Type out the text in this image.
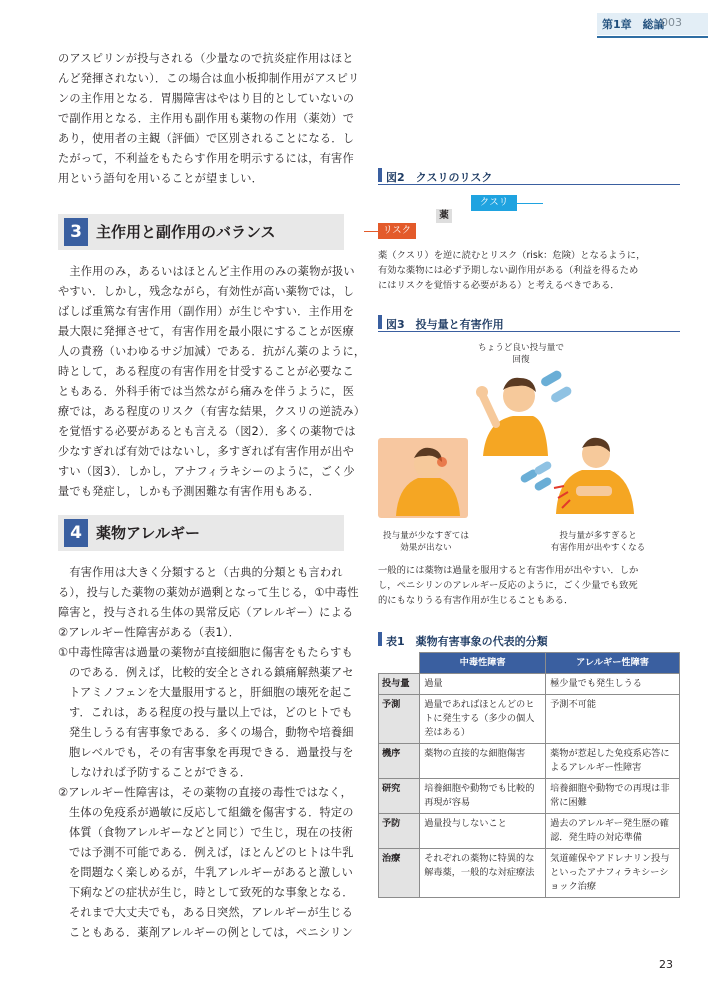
第1章　総論
003
のアスピリンが投与される（少量なので抗炎症作用はほと
んど発揮されない）．この場合は血小板抑制作用がアスピリ
ンの主作用となる．胃腸障害はやはり目的としていないの
で副作用となる．主作用も副作用も薬物の作用（薬効）で
あり，使用者の主観（評価）で区別されることになる．し
たがって，不利益をもたらす作用を明示するには，有害作
用という語句を用いることが望ましい．
3 主作用と副作用のバランス
　主作用のみ，あるいはほとんど主作用のみの薬物が扱い
やすい．しかし，残念ながら，有効性が高い薬物では，し
ばしば重篤な有害作用（副作用）が生じやすい．主作用を
最大限に発揮させて，有害作用を最小限にすることが医療
人の責務（いわゆるサジ加減）である．抗がん薬のように，
時として，ある程度の有害作用を甘受することが必要なこ
ともある．外科手術では当然ながら痛みを伴うように，医
療では，ある程度のリスク（有害な結果，クスリの逆読み）
を覚悟する必要があるとも言える（図2）．多くの薬物では
少なすぎれば有効ではないし，多すぎれば有害作用が出や
すい（図3）．しかし，アナフィラキシーのように，ごく少
量でも発症し，しかも予測困難な有害作用もある．
4 薬物アレルギー
　有害作用は大きく分類すると（古典的分類とも言われ
る），投与した薬物の薬効が過剰となって生じる，①中毒性
障害と，投与される生体の異常反応（アレルギー）による
②アレルギー性障害がある（表1）．
①中毒性障害は過量の薬物が直接細胞に傷害をもたらすも
のである．例えば，比較的安全とされる鎮痛解熱薬アセ
トアミノフェンを大量服用すると，肝細胞の壊死を起こ
す．これは，ある程度の投与量以上では，どのヒトでも
発生しうる有害事象である．多くの場合，動物や培養細
胞レベルでも，その有害事象を再現できる．過量投与を
しなければ予防することができる．
②アレルギー性障害は，その薬物の直接の毒性ではなく，
生体の免疫系が過敏に反応して組織を傷害する．特定の
体質（食物アレルギーなどと同じ）で生じ，現在の技術
では予測不可能である．例えば，ほとんどのヒトは牛乳
を問題なく楽しめるが，牛乳アレルギーがあると激しい
下痢などの症状が生じ，時として致死的な事象となる．
それまで大丈夫でも，ある日突然，アレルギーが生じる
こともある．薬剤アレルギーの例としては，ペニシリン
図2　クスリのリスク
クスリ
薬
リスク
薬（クスリ）を逆に読むとリスク（risk：危険）となるように，
有効な薬物には必ず予期しない副作用がある（利益を得るため
にはリスクを覚悟する必要がある）と考えるべきである．
図3　投与量と有害作用
ちょうど良い投与量で
回復
投与量が少なすぎては
効果が出ない
投与量が多すぎると
有害作用が出やすくなる
一般的には薬物は過量を服用すると有害作用が出やすい．しか
し，ペニシリンのアレルギー反応のように，ごく少量でも致死
的にもなりうる有害作用が生じることもある．
表1　薬物有害事象の代表的分類
	中毒性障害	アレルギー性障害
投与量	過量	極少量でも発生しうる
予測	過量であればほとんどのヒトに発生する（多少の個人差はある）	予測不可能
機序	薬物の直接的な細胞傷害	薬物が惹起した免疫系応答によるアレルギー性障害
研究	培養細胞や動物でも比較的再現が容易	培養細胞や動物での再現は非常に困難
予防	過量投与しないこと	過去のアレルギー発生歴の確認．発生時の対応準備
治療	それぞれの薬物に特異的な解毒薬，一般的な対症療法	気道確保やアドレナリン投与といったアナフィラキシーショック治療
23
